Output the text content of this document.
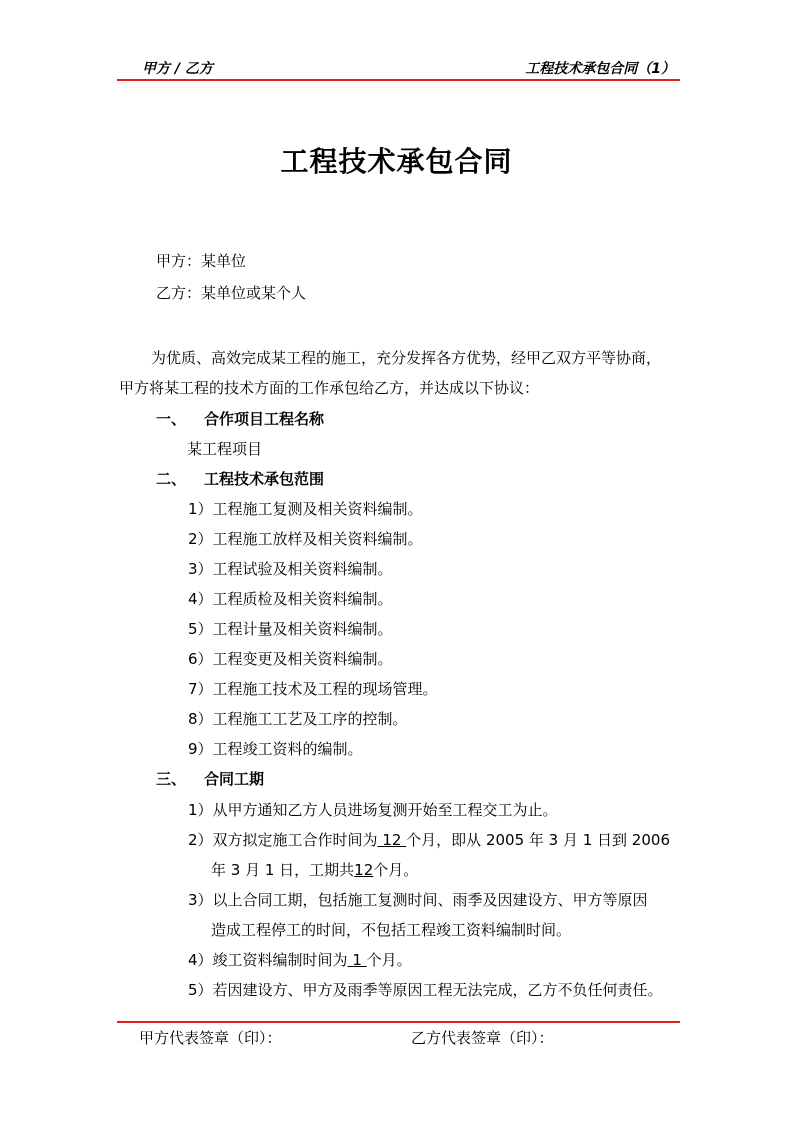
甲方 / 乙方	工程技术承包合同（1）
工程技术承包合同
甲方：某单位
乙方：某单位或某个人
为优质、高效完成某工程的施工，充分发挥各方优势，经甲乙双方平等协商，
甲方将某工程的技术方面的工作承包给乙方，并达成以下协议：
一、 合作项目工程名称
某工程项目
二、 工程技术承包范围
1）工程施工复测及相关资料编制。
2）工程施工放样及相关资料编制。
3）工程试验及相关资料编制。
4）工程质检及相关资料编制。
5）工程计量及相关资料编制。
6）工程变更及相关资料编制。
7）工程施工技术及工程的现场管理。
8）工程施工工艺及工序的控制。
9）工程竣工资料的编制。
三、 合同工期
1）从甲方通知乙方人员进场复测开始至工程交工为止。
2）双方拟定施工合作时间为 12 个月，即从 2005 年 3 月 1 日到 2006
年 3 月 1 日，工期共12个月。
3）以上合同工期，包括施工复测时间、雨季及因建设方、甲方等原因
造成工程停工的时间，不包括工程竣工资料编制时间。
4）竣工资料编制时间为 1 个月。
5）若因建设方、甲方及雨季等原因工程无法完成，乙方不负任何责任。
甲方代表签章（印）：	乙方代表签章（印）：
